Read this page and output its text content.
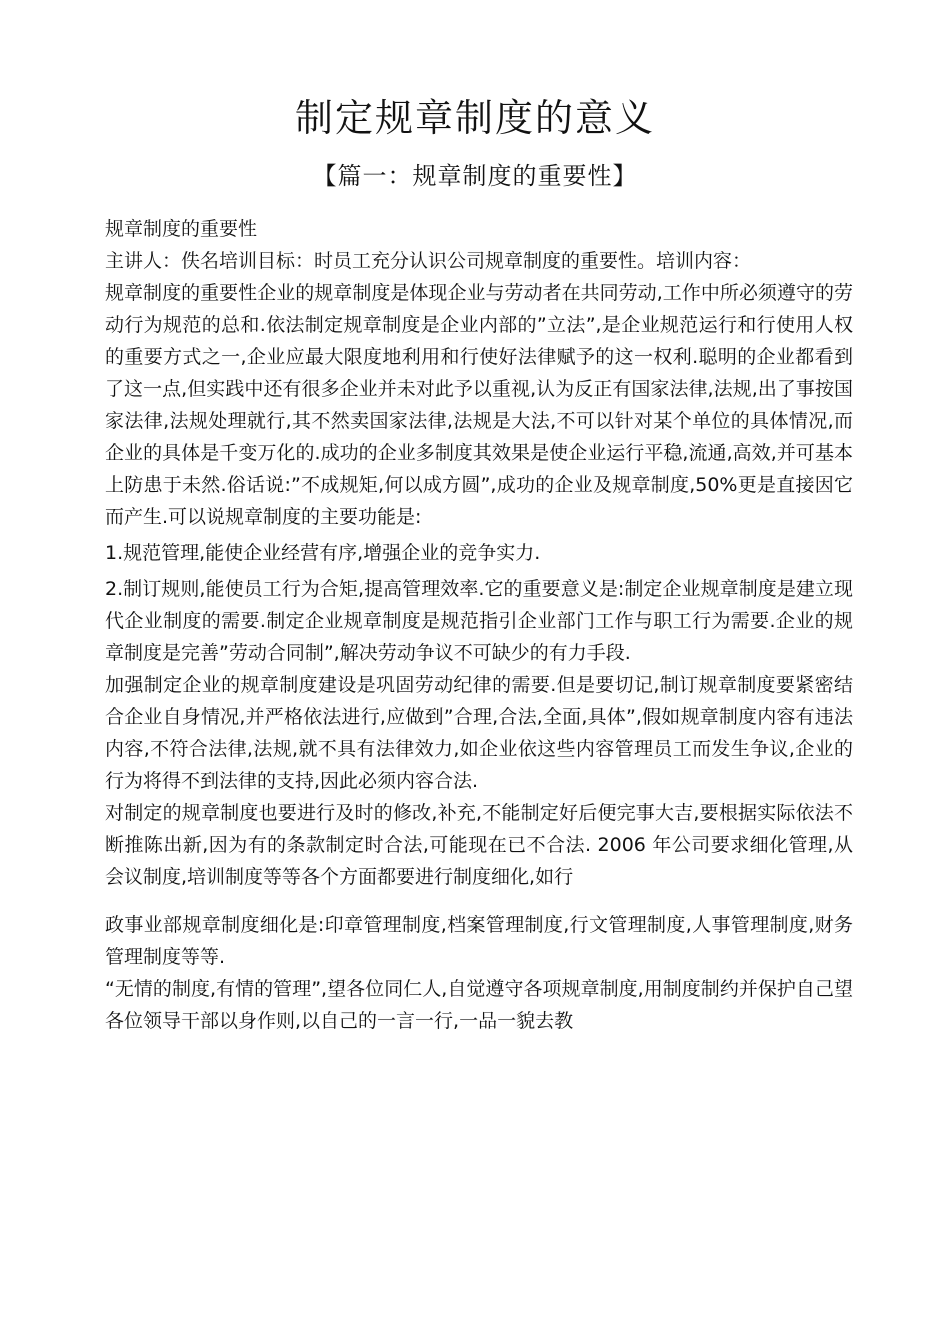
制定规章制度的意义
【篇一：规章制度的重要性】

规章制度的重要性

主讲人：佚名培训目标：时员工充分认识公司规章制度的重要性。培训内容：

规章制度的重要性企业的规章制度是体现企业与劳动者在共同劳动,工作中所必须遵守的劳动行为规范的总和.依法制定规章制度是企业内部的”立法”,是企业规范运行和行使用人权的重要方式之一,企业应最大限度地利用和行使好法律赋予的这一权利.聪明的企业都看到了这一点,但实践中还有很多企业并未对此予以重视,认为反正有国家法律,法规,出了事按国家法律,法规处理就行,其不然卖国家法律,法规是大法,不可以针对某个单位的具体情况,而企业的具体是千变万化的.成功的企业多制度其效果是使企业运行平稳,流通,高效,并可基本上防患于未然.俗话说:”不成规矩,何以成方圆”,成功的企业及规章制度,50%更是直接因它而产生.可以说规章制度的主要功能是:

1.规范管理,能使企业经营有序,增强企业的竞争实力.

2.制订规则,能使员工行为合矩,提高管理效率.它的重要意义是:制定企业规章制度是建立现代企业制度的需要.制定企业规章制度是规范指引企业部门工作与职工行为需要.企业的规章制度是完善”劳动合同制”,解决劳动争议不可缺少的有力手段.

加强制定企业的规章制度建设是巩固劳动纪律的需要.但是要切记,制订规章制度要紧密结合企业自身情况,并严格依法进行,应做到”合理,合法,全面,具体”,假如规章制度内容有违法内容,不符合法律,法规,就不具有法律效力,如企业依这些内容管理员工而发生争议,企业的行为将得不到法律的支持,因此必须内容合法.

对制定的规章制度也要进行及时的修改,补充,不能制定好后便完事大吉,要根据实际依法不断推陈出新,因为有的条款制定时合法,可能现在已不合法. 2006 年公司要求细化管理,从会议制度,培训制度等等各个方面都要进行制度细化,如行

政事业部规章制度细化是:印章管理制度,档案管理制度,行文管理制度,人事管理制度,财务管理制度等等.

“无情的制度,有情的管理”,望各位同仁人,自觉遵守各项规章制度,用制度制约并保护自己望各位领导干部以身作则,以自己的一言一行,一品一貌去教
